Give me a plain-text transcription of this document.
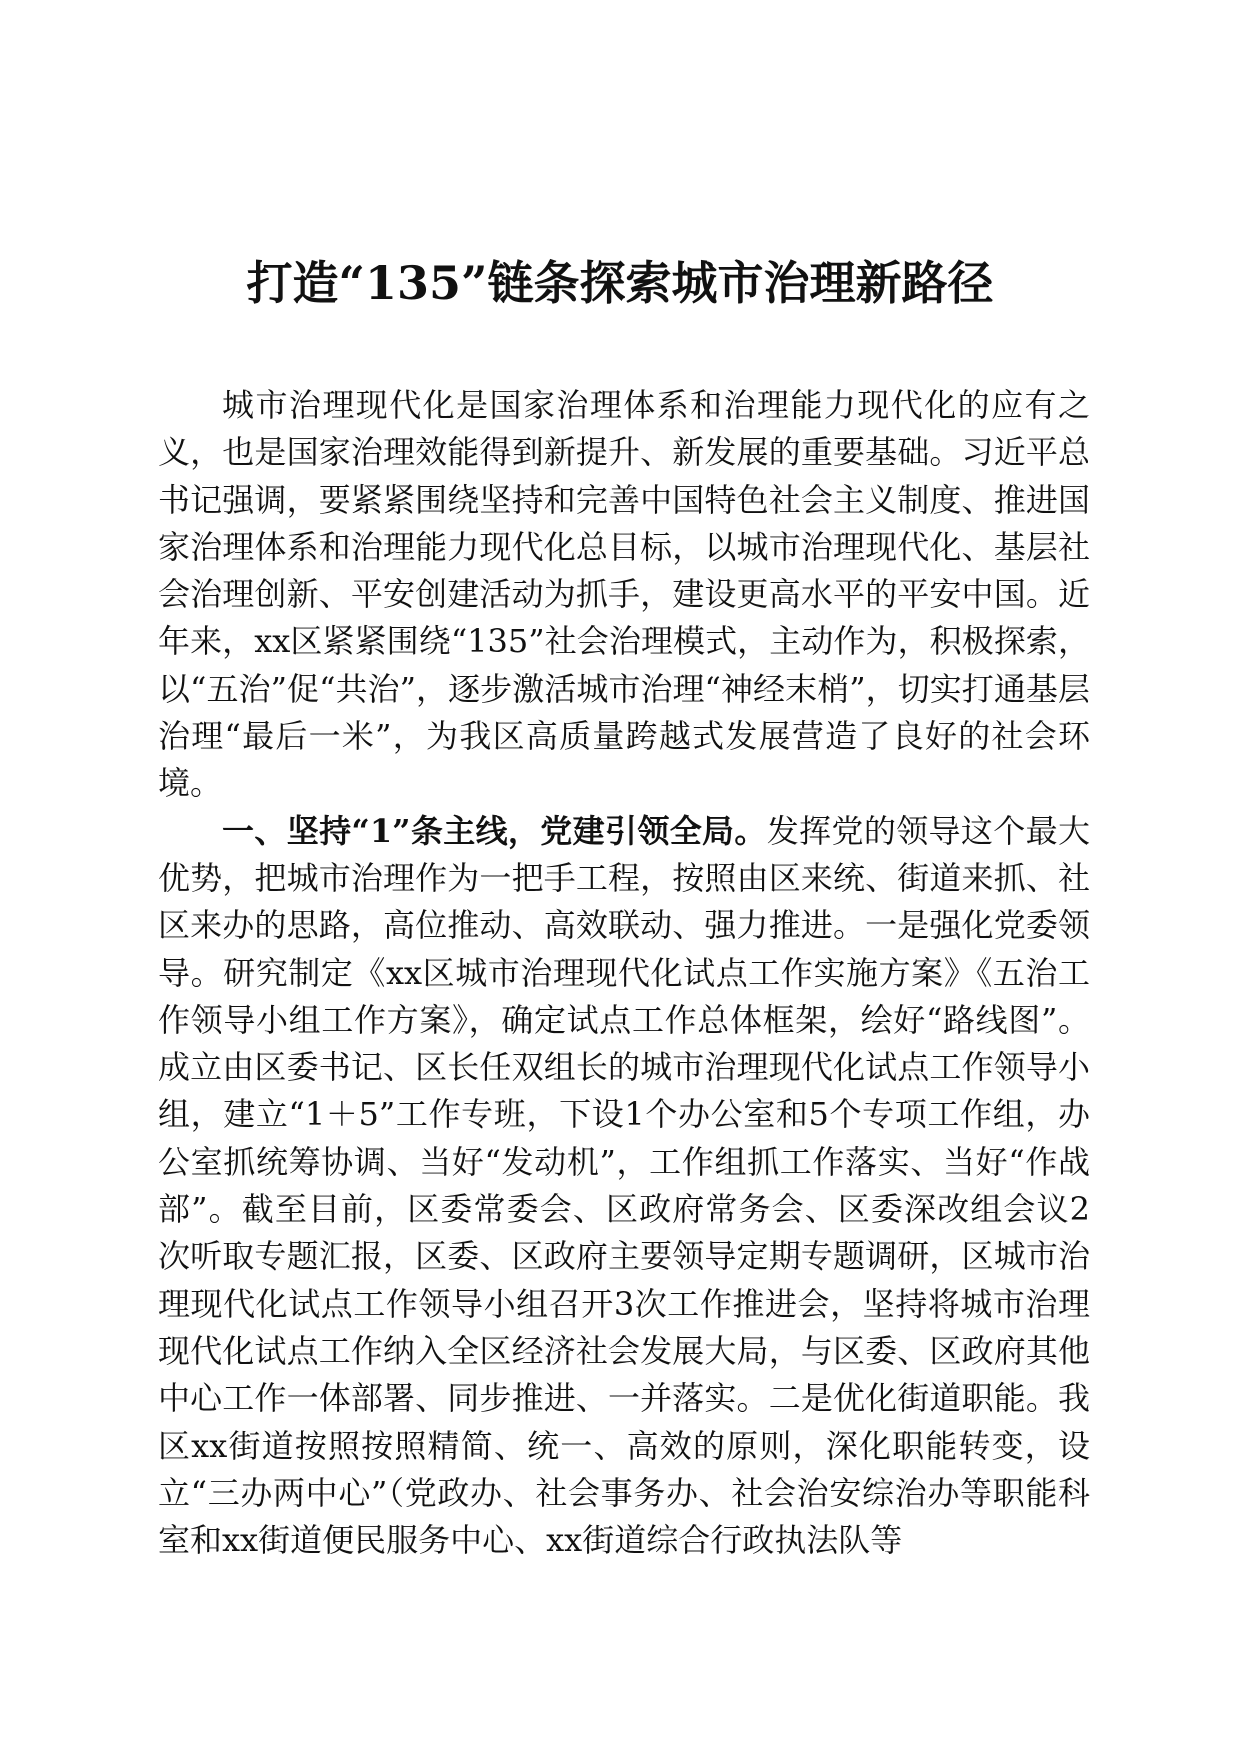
打造“135”链条探索城市治理新路径

城市治理现代化是国家治理体系和治理能力现代化的应有之义，也是国家治理效能得到新提升、新发展的重要基础。习近平总书记强调，要紧紧围绕坚持和完善中国特色社会主义制度、推进国家治理体系和治理能力现代化总目标，以城市治理现代化、基层社会治理创新、平安创建活动为抓手，建设更高水平的平安中国。近年来，xx区紧紧围绕“135”社会治理模式，主动作为，积极探索，以“五治”促“共治”，逐步激活城市治理“神经末梢”，切实打通基层治理“最后一米”，为我区高质量跨越式发展营造了良好的社会环境。

一、坚持“1”条主线，党建引领全局。发挥党的领导这个最大优势，把城市治理作为一把手工程，按照由区来统、街道来抓、社区来办的思路，高位推动、高效联动、强力推进。一是强化党委领导。研究制定《xx区城市治理现代化试点工作实施方案》《五治工作领导小组工作方案》，确定试点工作总体框架，绘好“路线图”。成立由区委书记、区长任双组长的城市治理现代化试点工作领导小组，建立“1＋5”工作专班，下设1个办公室和5个专项工作组，办公室抓统筹协调、当好“发动机”，工作组抓工作落实、当好“作战部”。截至目前，区委常委会、区政府常务会、区委深改组会议2次听取专题汇报，区委、区政府主要领导定期专题调研，区城市治理现代化试点工作领导小组召开3次工作推进会，坚持将城市治理现代化试点工作纳入全区经济社会发展大局，与区委、区政府其他中心工作一体部署、同步推进、一并落实。二是优化街道职能。我区xx街道按照按照精简、统一、高效的原则，深化职能转变，设立“三办两中心”（党政办、社会事务办、社会治安综治办等职能科室和xx街道便民服务中心、xx街道综合行政执法队等
